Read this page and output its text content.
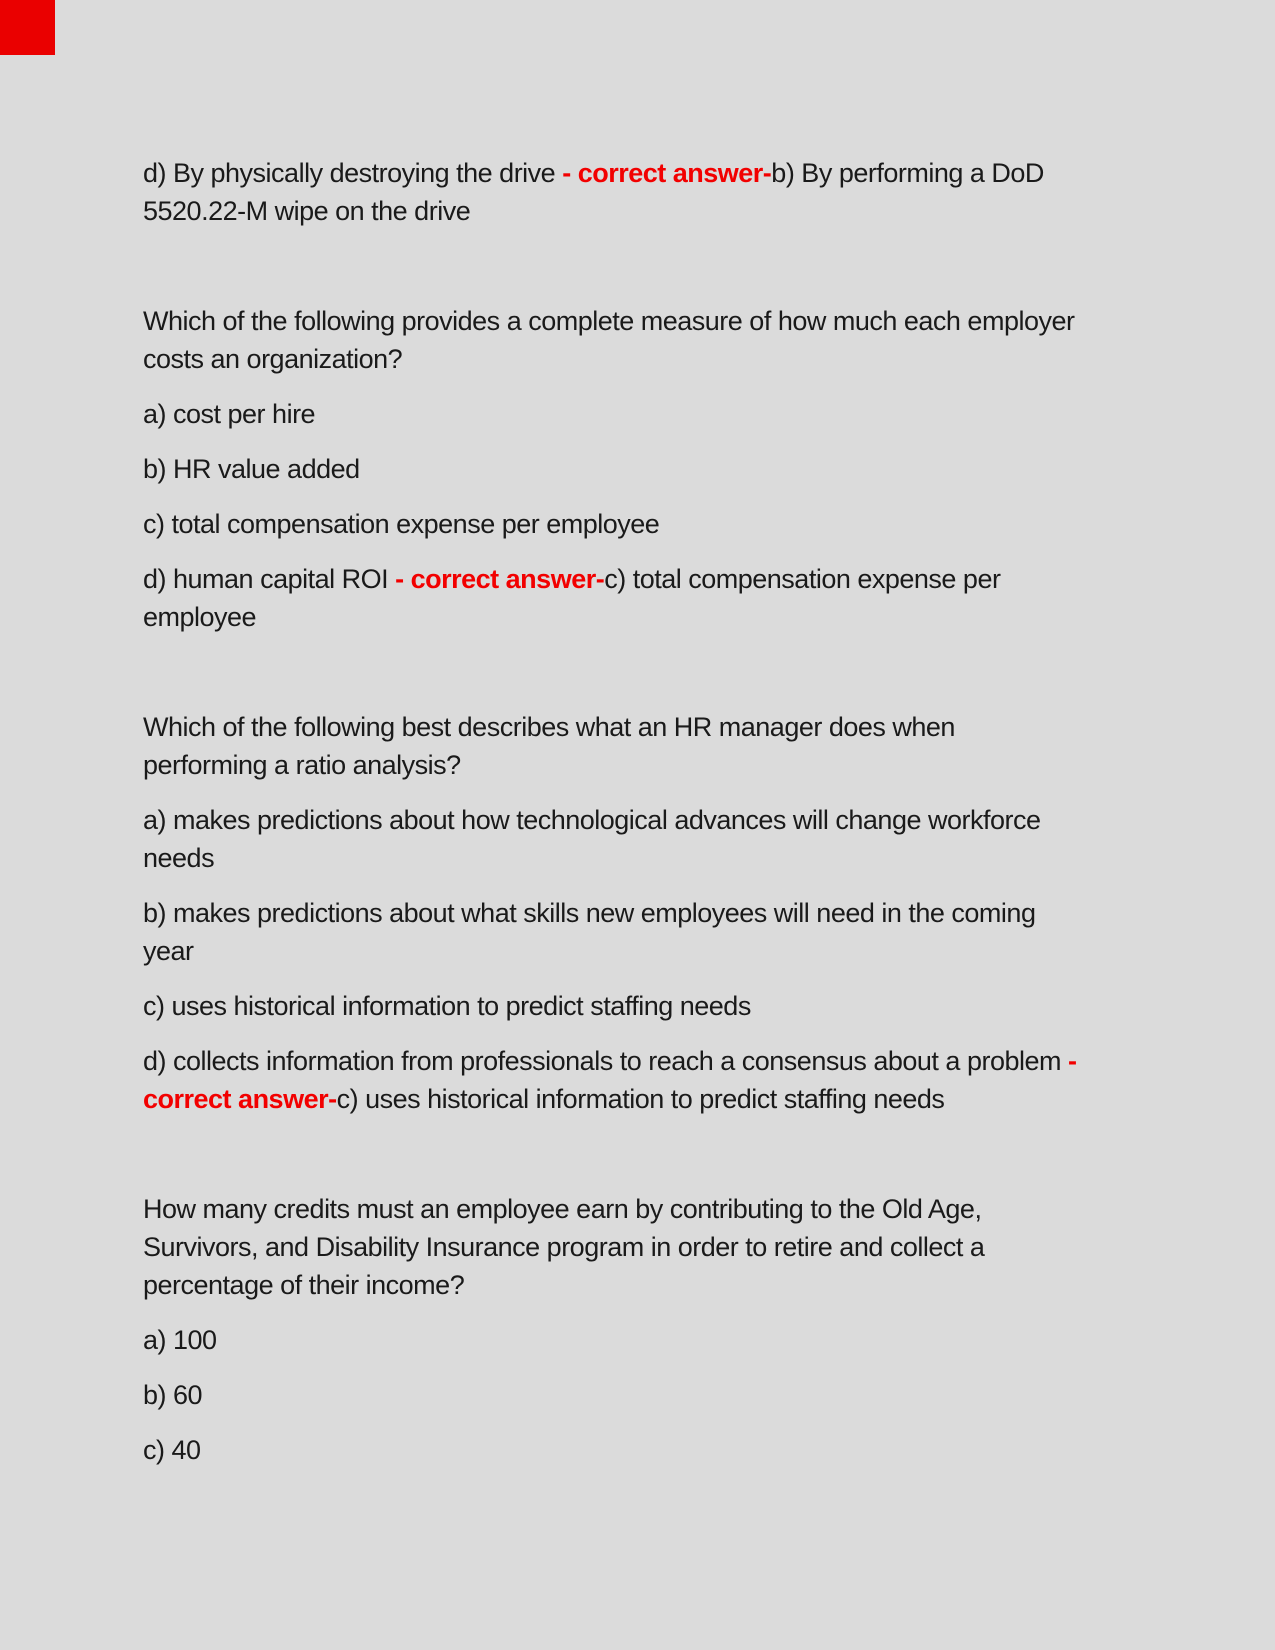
d) By physically destroying the drive - correct answer-b) By performing a DoD
5520.22-M wipe on the drive
Which of the following provides a complete measure of how much each employer
costs an organization?
a) cost per hire
b) HR value added
c) total compensation expense per employee
d) human capital ROI - correct answer-c) total compensation expense per
employee
Which of the following best describes what an HR manager does when
performing a ratio analysis?
a) makes predictions about how technological advances will change workforce
needs
b) makes predictions about what skills new employees will need in the coming
year
c) uses historical information to predict staffing needs
d) collects information from professionals to reach a consensus about a problem -
correct answer-c) uses historical information to predict staffing needs
How many credits must an employee earn by contributing to the Old Age,
Survivors, and Disability Insurance program in order to retire and collect a
percentage of their income?
a) 100
b) 60
c) 40
